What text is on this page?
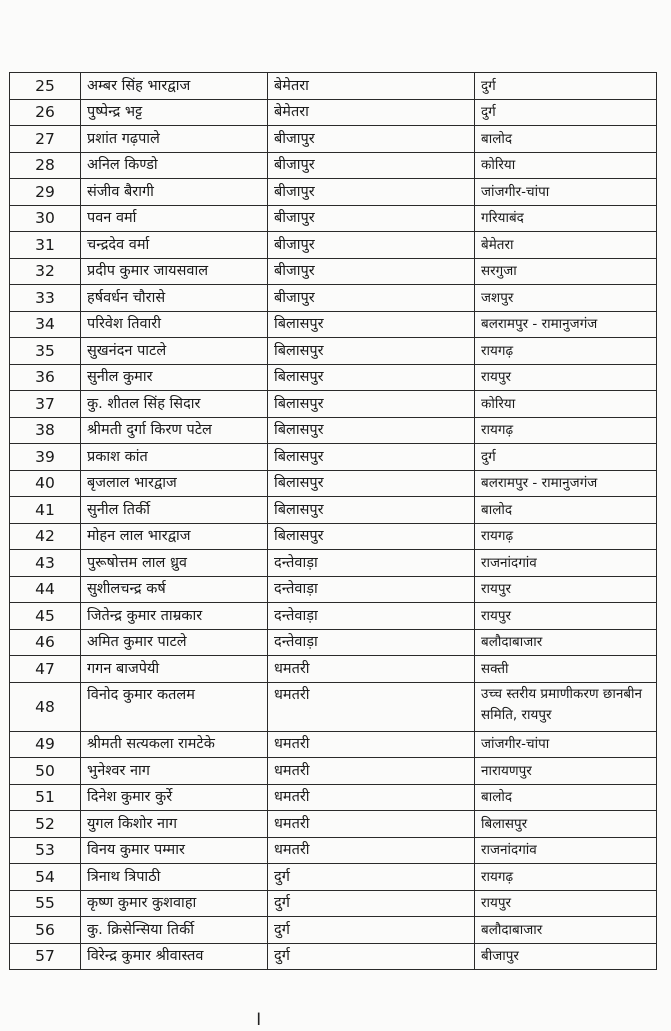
25	अम्बर सिंह भारद्वाज	बेमेतरा	दुर्ग
26	पुष्पेन्द्र भट्ट	बेमेतरा	दुर्ग
27	प्रशांत गढ़पाले	बीजापुर	बालोद
28	अनिल किण्डो	बीजापुर	कोरिया
29	संजीव बैरागी	बीजापुर	जांजगीर-चांपा
30	पवन वर्मा	बीजापुर	गरियाबंद
31	चन्द्रदेव वर्मा	बीजापुर	बेमेतरा
32	प्रदीप कुमार जायसवाल	बीजापुर	सरगुजा
33	हर्षवर्धन चौरासे	बीजापुर	जशपुर
34	परिवेश तिवारी	बिलासपुर	बलरामपुर - रामानुजगंज
35	सुखनंदन पाटले	बिलासपुर	रायगढ़
36	सुनील कुमार	बिलासपुर	रायपुर
37	कु. शीतल सिंह सिदार	बिलासपुर	कोरिया
38	श्रीमती दुर्गा किरण पटेल	बिलासपुर	रायगढ़
39	प्रकाश कांत	बिलासपुर	दुर्ग
40	बृजलाल भारद्वाज	बिलासपुर	बलरामपुर - रामानुजगंज
41	सुनील तिर्की	बिलासपुर	बालोद
42	मोहन लाल भारद्वाज	बिलासपुर	रायगढ़
43	पुरूषोत्तम लाल ध्रुव	दन्तेवाड़ा	राजनांदगांव
44	सुशीलचन्द्र कर्ष	दन्तेवाड़ा	रायपुर
45	जितेन्द्र कुमार ताम्रकार	दन्तेवाड़ा	रायपुर
46	अमित कुमार पाटले	दन्तेवाड़ा	बलौदाबाजार
47	गगन बाजपेयी	धमतरी	सक्ती
48	विनोद कुमार कतलम	धमतरी	उच्च स्तरीय प्रमाणीकरण छानबीन समिति, रायपुर
49	श्रीमती सत्यकला रामटेके	धमतरी	जांजगीर-चांपा
50	भुनेश्वर नाग	धमतरी	नारायणपुर
51	दिनेश कुमार कुर्रे	धमतरी	बालोद
52	युगल किशोर नाग	धमतरी	बिलासपुर
53	विनय कुमार पम्मार	धमतरी	राजनांदगांव
54	त्रिनाथ त्रिपाठी	दुर्ग	रायगढ़
55	कृष्ण कुमार कुशवाहा	दुर्ग	रायपुर
56	कु. क्रिसेन्सिया तिर्की	दुर्ग	बलौदाबाजार
57	विरेन्द्र कुमार श्रीवास्तव	दुर्ग	बीजापुर
।
